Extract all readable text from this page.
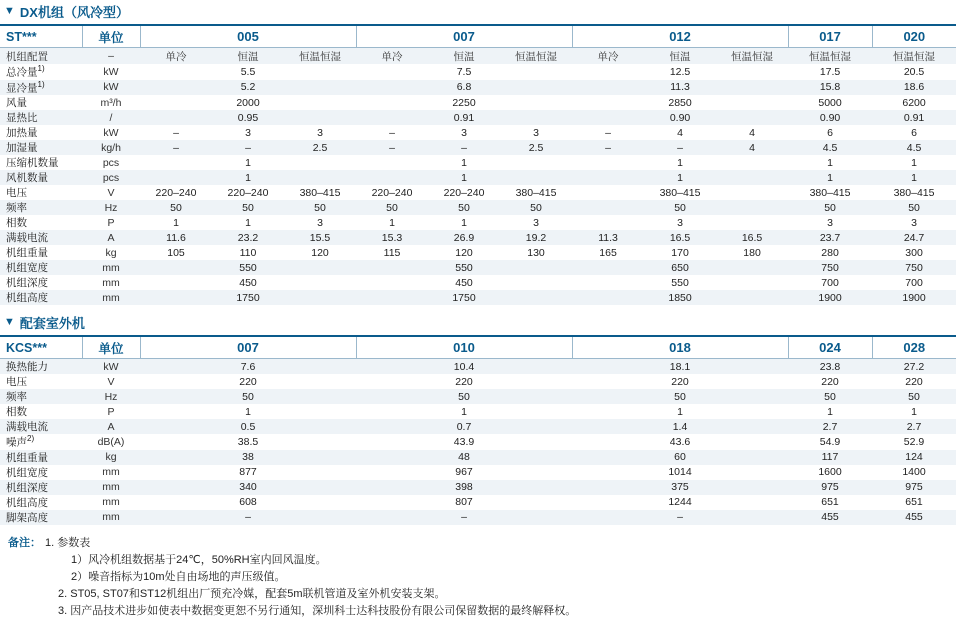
▼ DX机组（风冷型）
ST***	单位	005			007			012			017	020
机组配置	–	单冷	恒温	恒温恒湿	单冷	恒温	恒温恒湿	单冷	恒温	恒温恒湿	恒温恒湿	恒温恒湿
总冷量$^{1)}$	kW	5.5			7.5			12.5			17.5	20.5
显冷量$^{1)}$	kW	5.2			6.8			11.3			15.8	18.6
风量	m³/h	2000			2250			2850			5000	6200
显热比	/	0.95			0.91			0.90			0.90	0.91
加热量	kW	–	3	3	–	3	3	–	4	4	6	6
加湿量	kg/h	–	–	2.5	–	–	2.5	–	–	4	4.5	4.5
压缩机数量	pcs	1			1			1			1	1
风机数量	pcs	1			1			1			1	1
电压	V	220–240	220–240	380–415	220–240	220–240	380–415	380–415			380–415	380–415
频率	Hz	50	50	50	50	50	50	50			50	50
相数	P	1	1	3	1	1	3	3			3	3
满载电流	A	11.6	23.2	15.5	15.3	26.9	19.2	11.3	16.5	16.5	23.7	24.7
机组重量	kg	105	110	120	115	120	130	165	170	180	280	300
机组宽度	mm	550			550			650			750	750
机组深度	mm	450			450			550			700	700
机组高度	mm	1750			1750			1850			1900	1900
▼ 配套室外机
KCS***	单位	007	010	018	024	028
换热能力	kW	7.6	10.4	18.1	23.8	27.2
电压	V	220	220	220	220	220
频率	Hz	50	50	50	50	50
相数	P	1	1	1	1	1
满载电流	A	0.5	0.7	1.4	2.7	2.7
噪声$^{2)}$	dB(A)	38.5	43.9	43.6	54.9	52.9
机组重量	kg	38	48	60	117	124
机组宽度	mm	877	967	1014	1600	1400
机组深度	mm	340	398	375	975	975
机组高度	mm	608	807	1244	651	651
脚架高度	mm	–	–	–	455	455
备注： 1. 参数表
1）风冷机组数据基于24℃，50%RH室内回风温度。
2）噪音指标为10m处自由场地的声压级值。
2. ST05, ST07和ST12机组出厂预充冷媒，配套5m联机管道及室外机安装支架。
3. 因产品技术进步如使表中数据变更恕不另行通知，深圳科士达科技股份有限公司保留数据的最终解释权。
